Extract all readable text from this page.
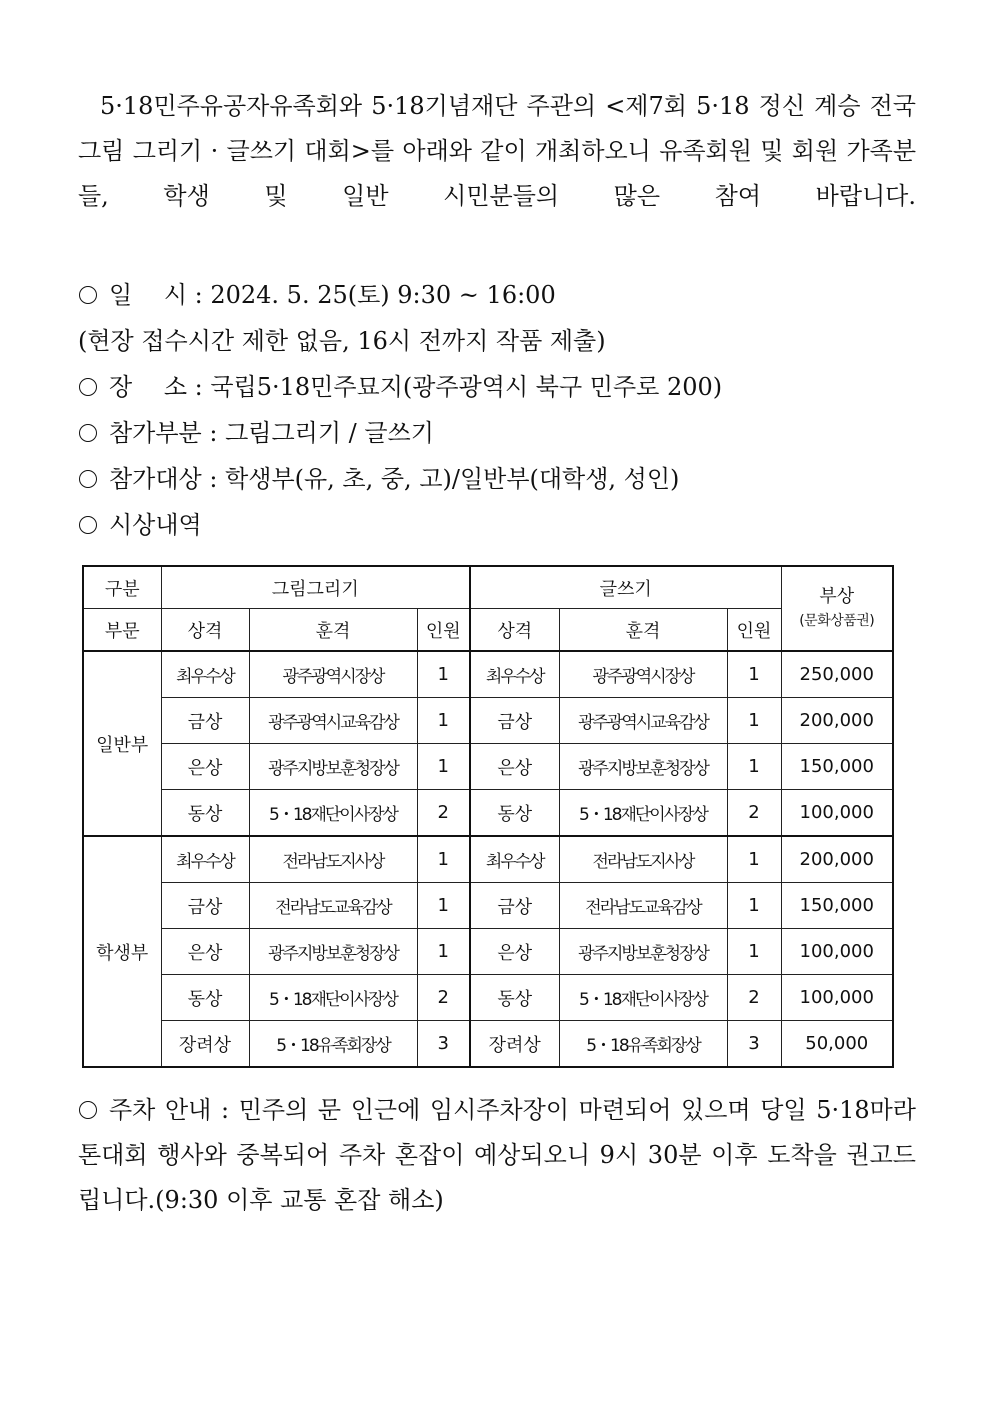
5·18민주유공자유족회와 5·18기념재단 주관의 <제7회 5·18 정신 계승 전국 그림 그리기 · 글쓰기 대회>를 아래와 같이 개최하오니 유족회원 및 회원 가족분들, 학생 및 일반 시민분들의 많은 참여 바랍니다.

일　 시 : 2024. 5. 25(토) 9:30 ~ 16:00
(현장 접수시간 제한 없음, 16시 전까지 작품 제출)
장　 소 : 국립5·18민주묘지(광주광역시 북구 민주로 200)
참가부분 : 그림그리기 / 글쓰기
참가대상 : 학생부(유, 초, 중, 고)/일반부(대학생, 성인)
시상내역
구분	그림그리기			글쓰기			부상
(문화상품권)

부문	상격	훈격	인원	상격	훈격	인원	
일반부	최우수상	광주광역시장상	1	최우수상	광주광역시장상	1	250,000
	금상	광주광역시교육감상	1	금상	광주광역시교육감상	1	200,000
	은상	광주지방보훈청장상	1	은상	광주지방보훈청장상	1	150,000
	동상	5・18재단이사장상	2	동상	5・18재단이사장상	2	100,000
학생부	최우수상	전라남도지사상	1	최우수상	전라남도지사상	1	200,000
	금상	전라남도교육감상	1	금상	전라남도교육감상	1	150,000
	은상	광주지방보훈청장상	1	은상	광주지방보훈청장상	1	100,000
	동상	5・18재단이사장상	2	동상	5・18재단이사장상	2	100,000
	장려상	5・18유족회장상	3	장려상	5・18유족회장상	3	50,000

주차 안내 : 민주의 문 인근에 임시주차장이 마련되어 있으며 당일 5·18마라톤대회 행사와 중복되어 주차 혼잡이 예상되오니 9시 30분 이후 도착을 권고드립니다.(9:30 이후 교통 혼잡 해소)
